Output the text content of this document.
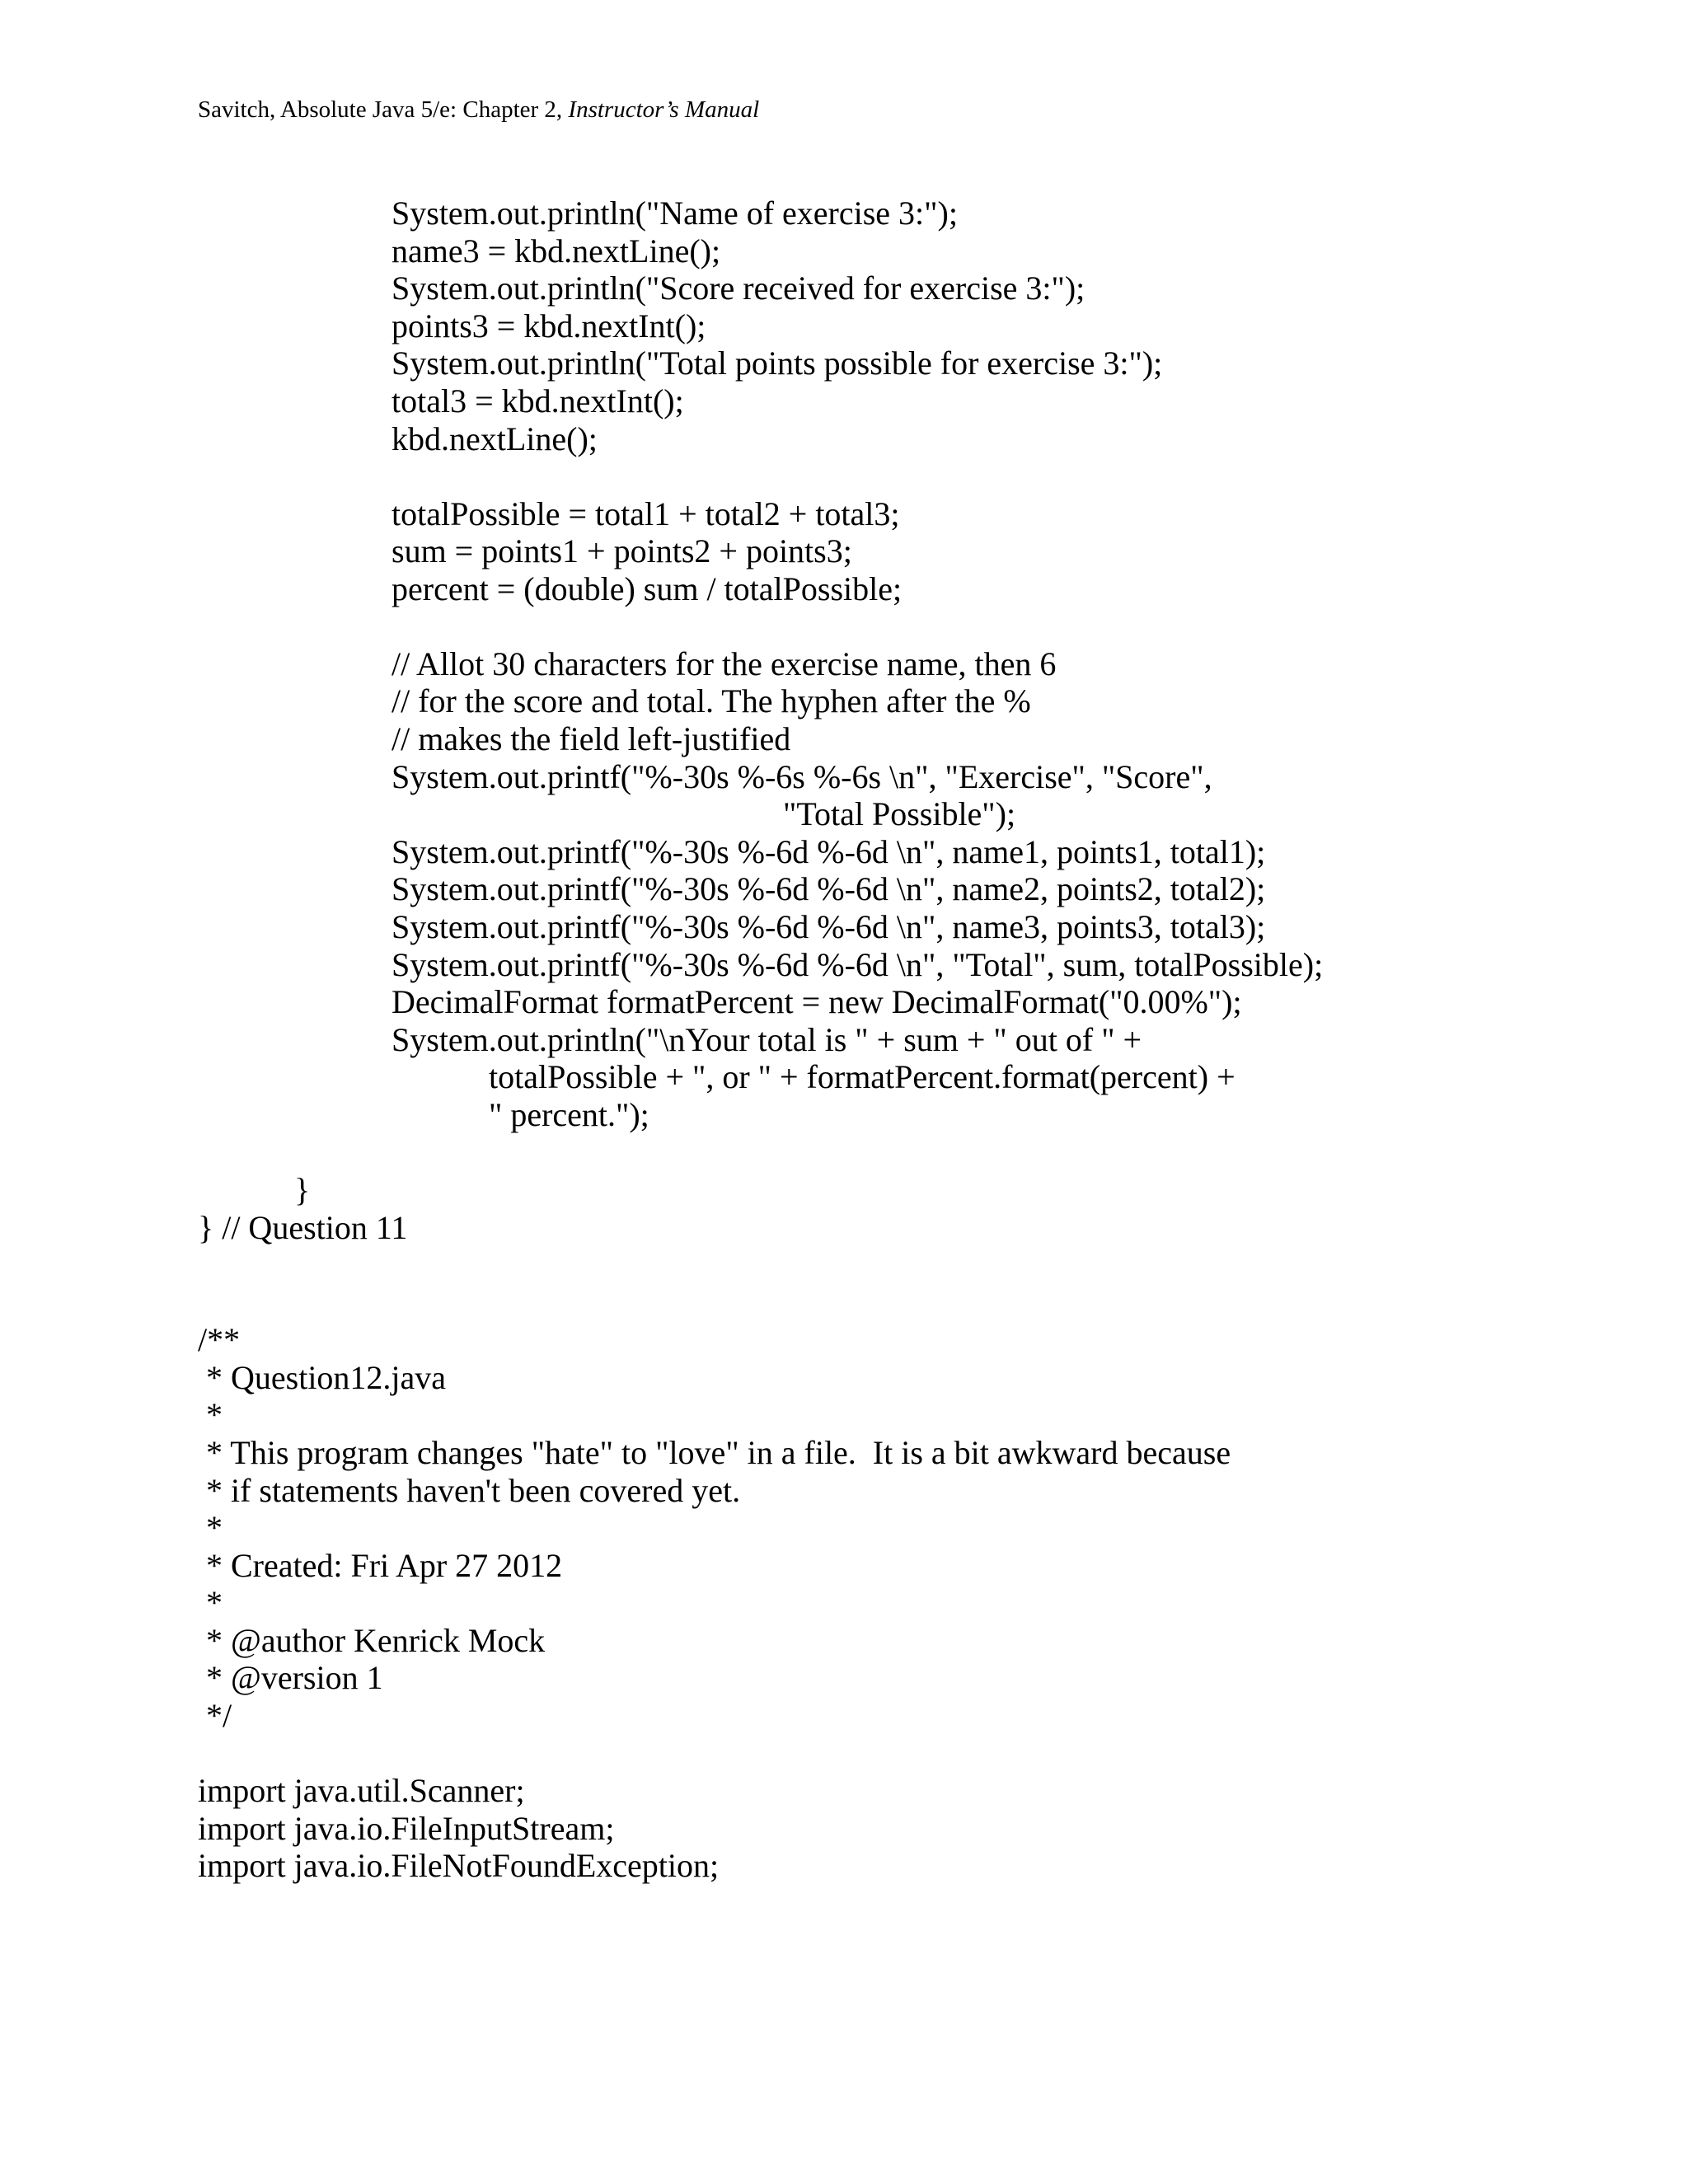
Savitch, Absolute Java 5/e: Chapter 2, Instructor’s Manual
System.out.println("Name of exercise 3:");
name3 = kbd.nextLine();
System.out.println("Score received for exercise 3:");
points3 = kbd.nextInt();
System.out.println("Total points possible for exercise 3:");
total3 = kbd.nextInt();
kbd.nextLine();
totalPossible = total1 + total2 + total3;
sum = points1 + points2 + points3;
percent = (double) sum / totalPossible;
// Allot 30 characters for the exercise name, then 6
// for the score and total. The hyphen after the %
// makes the field left-justified
System.out.printf("%-30s %-6s %-6s \n", "Exercise", "Score",
"Total Possible");
System.out.printf("%-30s %-6d %-6d \n", name1, points1, total1);
System.out.printf("%-30s %-6d %-6d \n", name2, points2, total2);
System.out.printf("%-30s %-6d %-6d \n", name3, points3, total3);
System.out.printf("%-30s %-6d %-6d \n", "Total", sum, totalPossible);
DecimalFormat formatPercent = new DecimalFormat("0.00%");
System.out.println("\nYour total is " + sum + " out of " +
totalPossible + ", or " + formatPercent.format(percent) +
" percent.");
}
} // Question 11
/**
* Question12.java
*
* This program changes "hate" to "love" in a file.  It is a bit awkward because
* if statements haven't been covered yet.
*
* Created: Fri Apr 27 2012
*
* @author Kenrick Mock
* @version 1
*/
import java.util.Scanner;
import java.io.FileInputStream;
import java.io.FileNotFoundException;
